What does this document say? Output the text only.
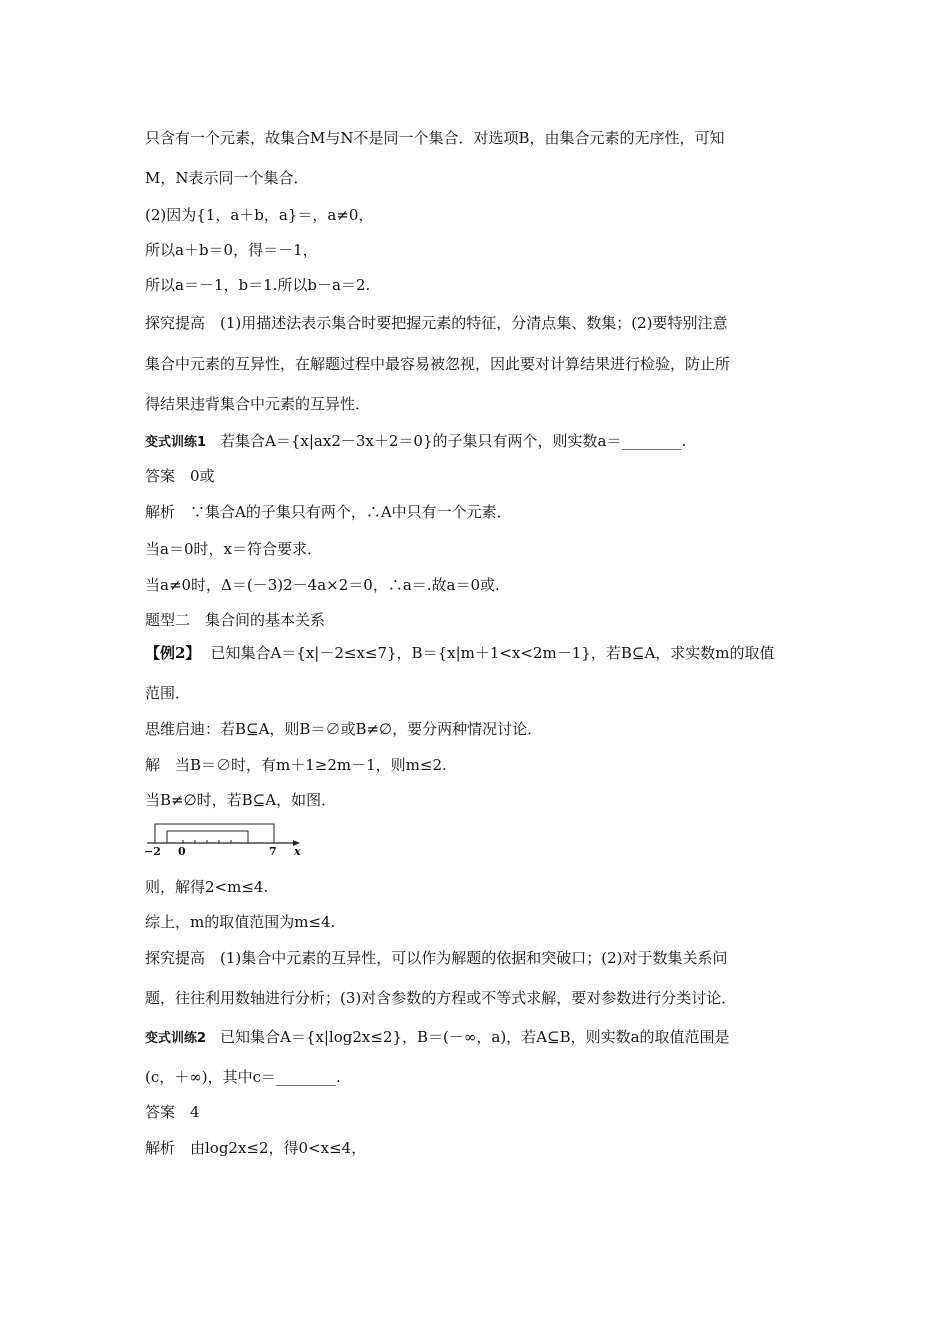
只含有一个元素，故集合M与N不是同一个集合．对选项B，由集合元素的无序性，可知
M，N表示同一个集合．
(2)因为{1，a＋b，a}＝，a≠0，
所以a＋b＝0，得＝－1，
所以a＝－1，b＝1.所以b－a＝2.
探究提高　(1)用描述法表示集合时要把握元素的特征，分清点集、数集；(2)要特别注意
集合中元素的互异性，在解题过程中最容易被忽视，因此要对计算结果进行检验，防止所
得结果违背集合中元素的互异性．
变式训练1 若集合A＝{x|ax2－3x＋2＝0}的子集只有两个，则实数a＝________.
答案　0或
解析　∵集合A的子集只有两个，∴A中只有一个元素．
当a＝0时，x＝符合要求．
当a≠0时，Δ＝(－3)2－4a×2＝0，∴a＝.故a＝0或.
题型二　集合间的基本关系
【例2】 已知集合A＝{x|－2≤x≤7}，B＝{x|m＋1<x<2m－1}，若B⊆A，求实数m的取值
范围．
思维启迪：若B⊆A，则B＝∅或B≠∅，要分两种情况讨论．
解　当B＝∅时，有m＋1≥2m－1，则m≤2.
当B≠∅时，若B⊆A，如图．
−2 0	7 x
则，解得2<m≤4.
综上，m的取值范围为m≤4.
探究提高　(1)集合中元素的互异性，可以作为解题的依据和突破口；(2)对于数集关系问
题，往往利用数轴进行分析；(3)对含参数的方程或不等式求解，要对参数进行分类讨论．
变式训练2 已知集合A＝{x|log2x≤2}，B＝(－∞，a)，若A⊆B，则实数a的取值范围是
(c，＋∞)，其中c＝________.
答案　4
解析　由log2x≤2，得0<x≤4，
